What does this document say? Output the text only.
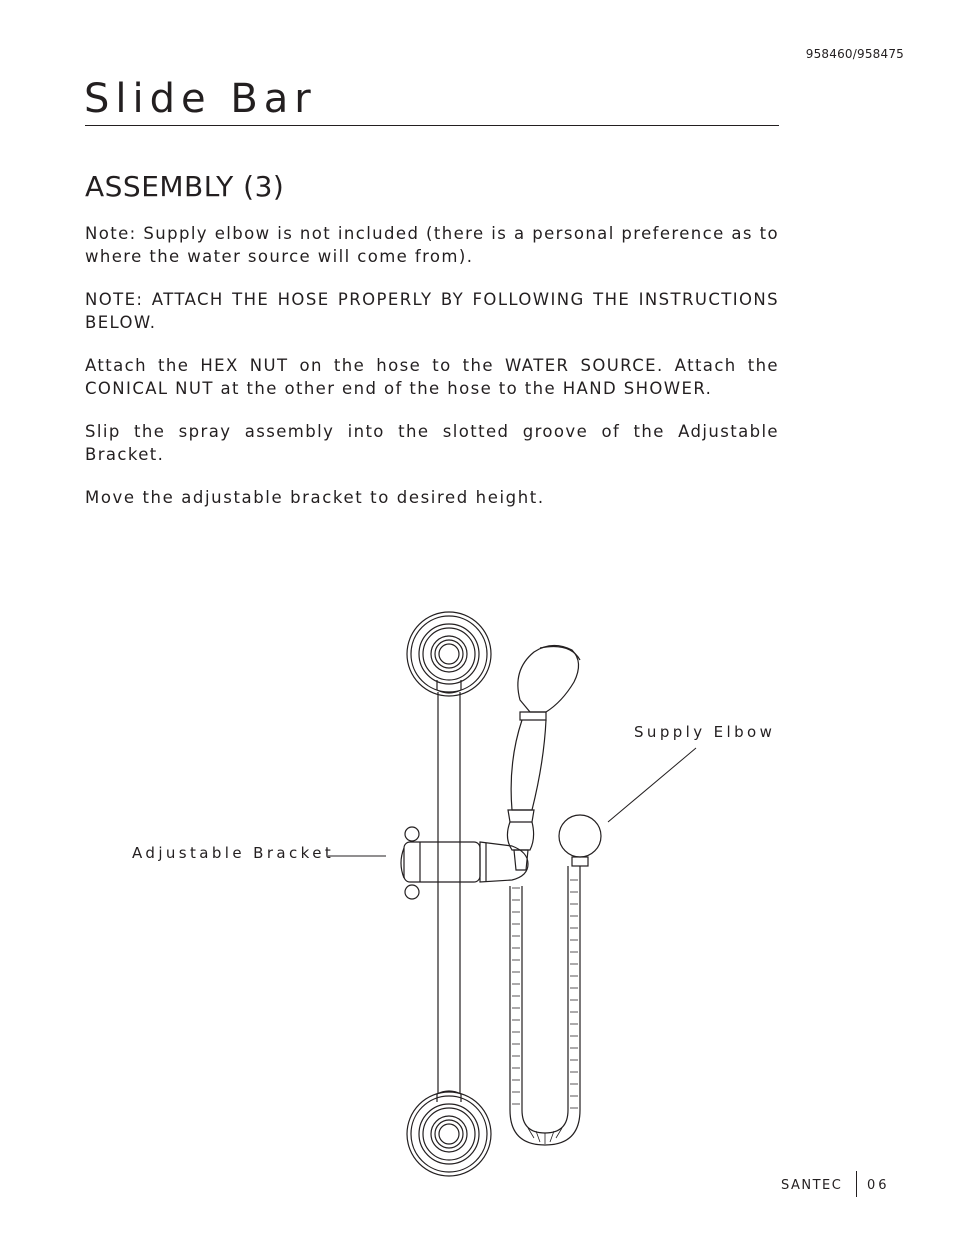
958460/958475
Slide Bar
ASSEMBLY (3)

Note: Supply elbow is not included (there is a personal preference as to where the water source will come from).

NOTE: ATTACH THE HOSE PROPERLY BY FOLLOWING THE INSTRUCTIONS BELOW.

Attach the HEX NUT on the hose to the WATER SOURCE. Attach the CONICAL NUT at the other end of the hose to the HAND SHOWER.

Slip the spray assembly into the slotted groove of the Adjustable Bracket.

Move the adjustable bracket to desired height.

Adjustable Bracket
Supply Elbow
SANTEC 06
